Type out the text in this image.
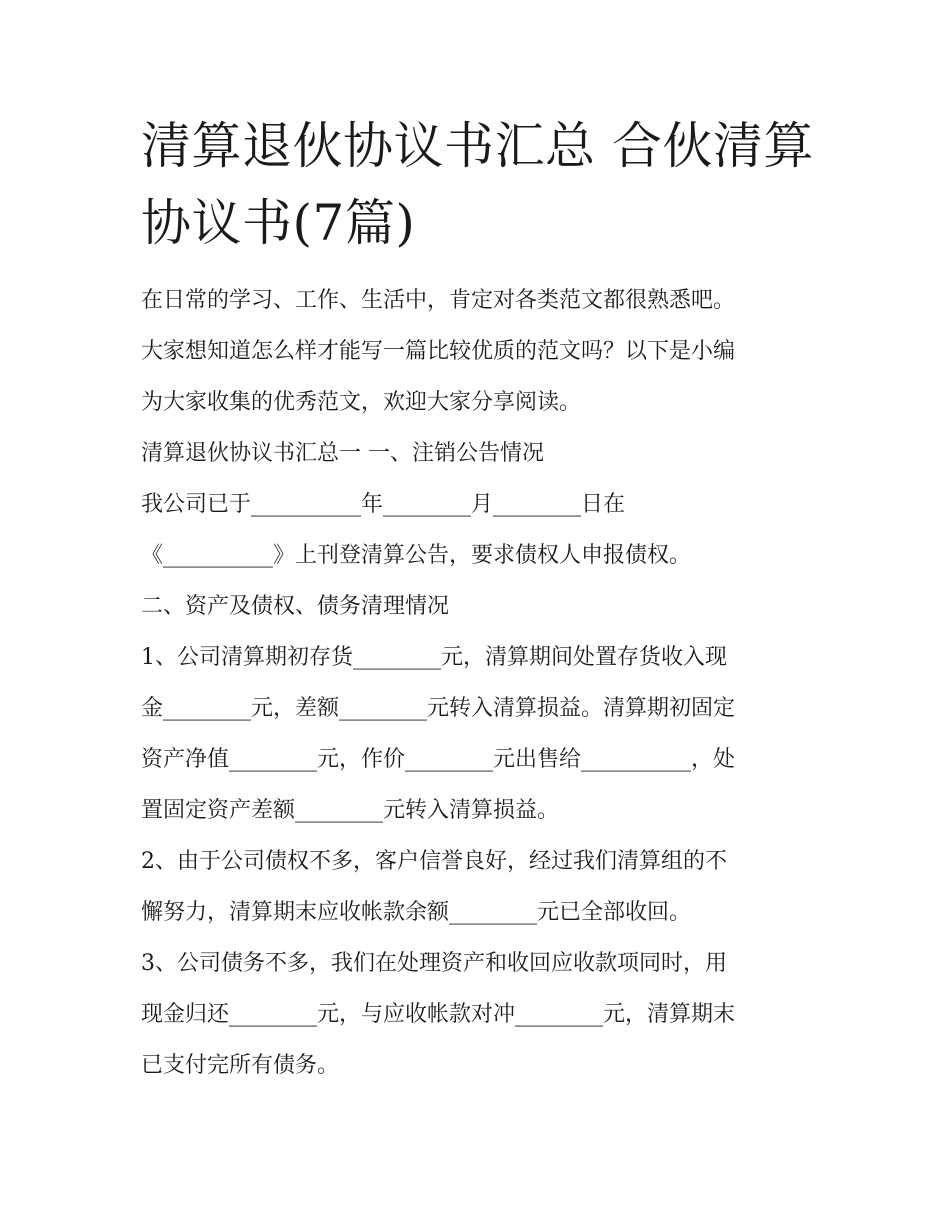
清算退伙协议书汇总 合伙清算
协议书(7篇)

在日常的学习、工作、生活中，肯定对各类范文都很熟悉吧。

大家想知道怎么样才能写一篇比较优质的范文吗？以下是小编

为大家收集的优秀范文，欢迎大家分享阅读。

清算退伙协议书汇总一 一、注销公告情况

我公司已于__________年________月________日在

《__________》上刊登清算公告，要求债权人申报债权。

二、资产及债权、债务清理情况

1、公司清算期初存货________元，清算期间处置存货收入现

金________元，差额________元转入清算损益。清算期初固定

资产净值________元，作价________元出售给__________，处

置固定资产差额________元转入清算损益。

2、由于公司债权不多，客户信誉良好，经过我们清算组的不

懈努力，清算期末应收帐款余额________元已全部收回。

3、公司债务不多，我们在处理资产和收回应收款项同时，用

现金归还________元，与应收帐款对冲________元，清算期末

已支付完所有债务。
